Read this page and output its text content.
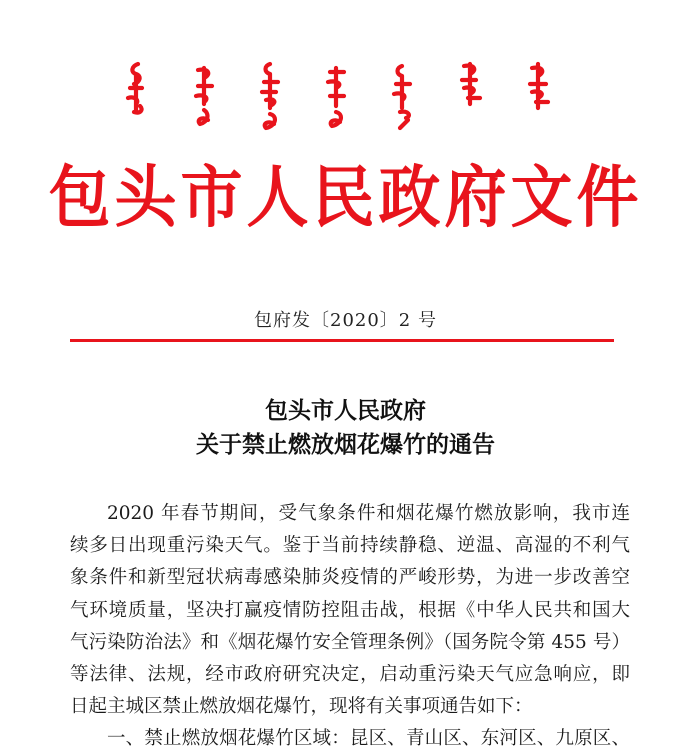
包头市人民政府文件
包府发〔2020〕2 号
包头市人民政府
关于禁止燃放烟花爆竹的通告
2020 年春节期间，受气象条件和烟花爆竹燃放影响，我市连
续多日出现重污染天气。鉴于当前持续静稳、逆温、高湿的不利气
象条件和新型冠状病毒感染肺炎疫情的严峻形势，为进一步改善空
气环境质量，坚决打赢疫情防控阻击战，根据《中华人民共和国大
气污染防治法》和《烟花爆竹安全管理条例》（国务院令第 455 号）
等法律、法规，经市政府研究决定，启动重污染天气应急响应，即
日起主城区禁止燃放烟花爆竹，现将有关事项通告如下：
一、禁止燃放烟花爆竹区域：昆区、青山区、东河区、九原区、
